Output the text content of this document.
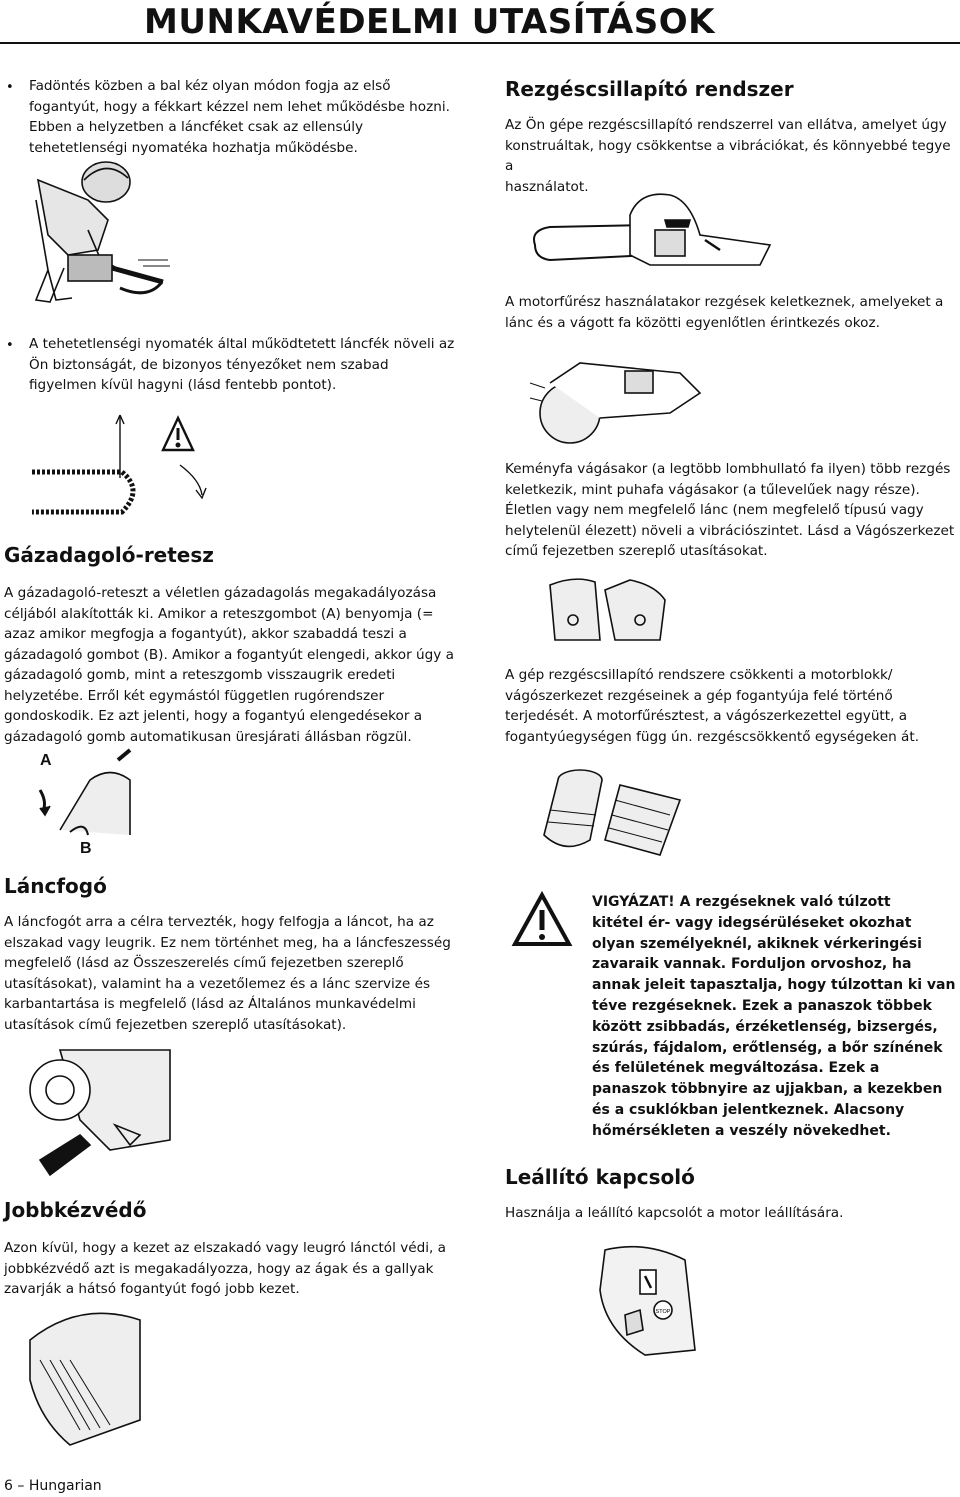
MUNKAVÉDELMI UTASÍTÁSOK
• Fadöntés közben a bal kéz olyan módon fogja az első
fogantyút, hogy a fékkart kézzel nem lehet működésbe hozni.
Ebben a helyzetben a láncféket csak az ellensúly
tehetetlenségi nyomatéka hozhatja működésbe.
• A tehetetlenségi nyomaték által működtetett láncfék növeli az
Ön biztonságát, de bizonyos tényezőket nem szabad
figyelmen kívül hagyni (lásd fentebb pontot).
Gázadagoló-retesz
A gázadagoló-reteszt a véletlen gázadagolás megakadályozása
céljából alakították ki. Amikor a reteszgombot (A) benyomja (=
azaz amikor megfogja a fogantyút), akkor szabaddá teszi a
gázadagoló gombot (B). Amikor a fogantyút elengedi, akkor úgy a
gázadagoló gomb, mint a reteszgomb visszaugrik eredeti
helyzetébe. Erről két egymástól független rugórendszer
gondoskodik. Ez azt jelenti, hogy a fogantyú elengedésekor a
gázadagoló gomb automatikusan üresjárati állásban rögzül.
A
B
Láncfogó
A láncfogót arra a célra tervezték, hogy felfogja a láncot, ha az
elszakad vagy leugrik. Ez nem történhet meg, ha a láncfeszesség
megfelelő (lásd az Összeszerelés című fejezetben szereplő
utasításokat), valamint ha a vezetőlemez és a lánc szervize és
karbantartása is megfelelő (lásd az Általános munkavédelmi
utasítások című fejezetben szereplő utasításokat).
Jobbkézvédő
Azon kívül, hogy a kezet az elszakadó vagy leugró lánctól védi, a
jobbkézvédő azt is megakadályozza, hogy az ágak és a gallyak
zavarják a hátsó fogantyút fogó jobb kezet.
Rezgéscsillapító rendszer
Az Ön gépe rezgéscsillapító rendszerrel van ellátva, amelyet úgy
konstruáltak, hogy csökkentse a vibrációkat, és könnyebbé tegye a
használatot.
A motorfűrész használatakor rezgések keletkeznek, amelyeket a
lánc és a vágott fa közötti egyenlőtlen érintkezés okoz.
Keményfa vágásakor (a legtöbb lombhullató fa ilyen) több rezgés
keletkezik, mint puhafa vágásakor (a tűlevelűek nagy része).
Életlen vagy nem megfelelő lánc (nem megfelelő típusú vagy
helytelenül élezett) növeli a vibrációszintet. Lásd a Vágószerkezet
című fejezetben szereplő utasításokat.
A gép rezgéscsillapító rendszere csökkenti a motorblokk/
vágószerkezet rezgéseinek a gép fogantyúja felé történő
terjedését. A motorfűrésztest, a vágószerkezettel együtt, a
fogantyúegységen függ ún. rezgéscsökkentő egységeken át.
VIGYÁZAT! A rezgéseknek való túlzott
kitétel ér- vagy idegsérüléseket okozhat
olyan személyeknél, akiknek vérkeringési
zavaraik vannak. Forduljon orvoshoz, ha
annak jeleit tapasztalja, hogy túlzottan ki van
téve rezgéseknek. Ezek a panaszok többek
között zsibbadás, érzéketlenség, bizsergés,
szúrás, fájdalom, erőtlenség, a bőr színének
és felületének megváltozása. Ezek a
panaszok többnyire az ujjakban, a kezekben
és a csuklókban jelentkeznek. Alacsony
hőmérsékleten a veszély növekedhet.
Leállító kapcsoló
Használja a leállító kapcsolót a motor leállítására.
STOP
6 – Hungarian
